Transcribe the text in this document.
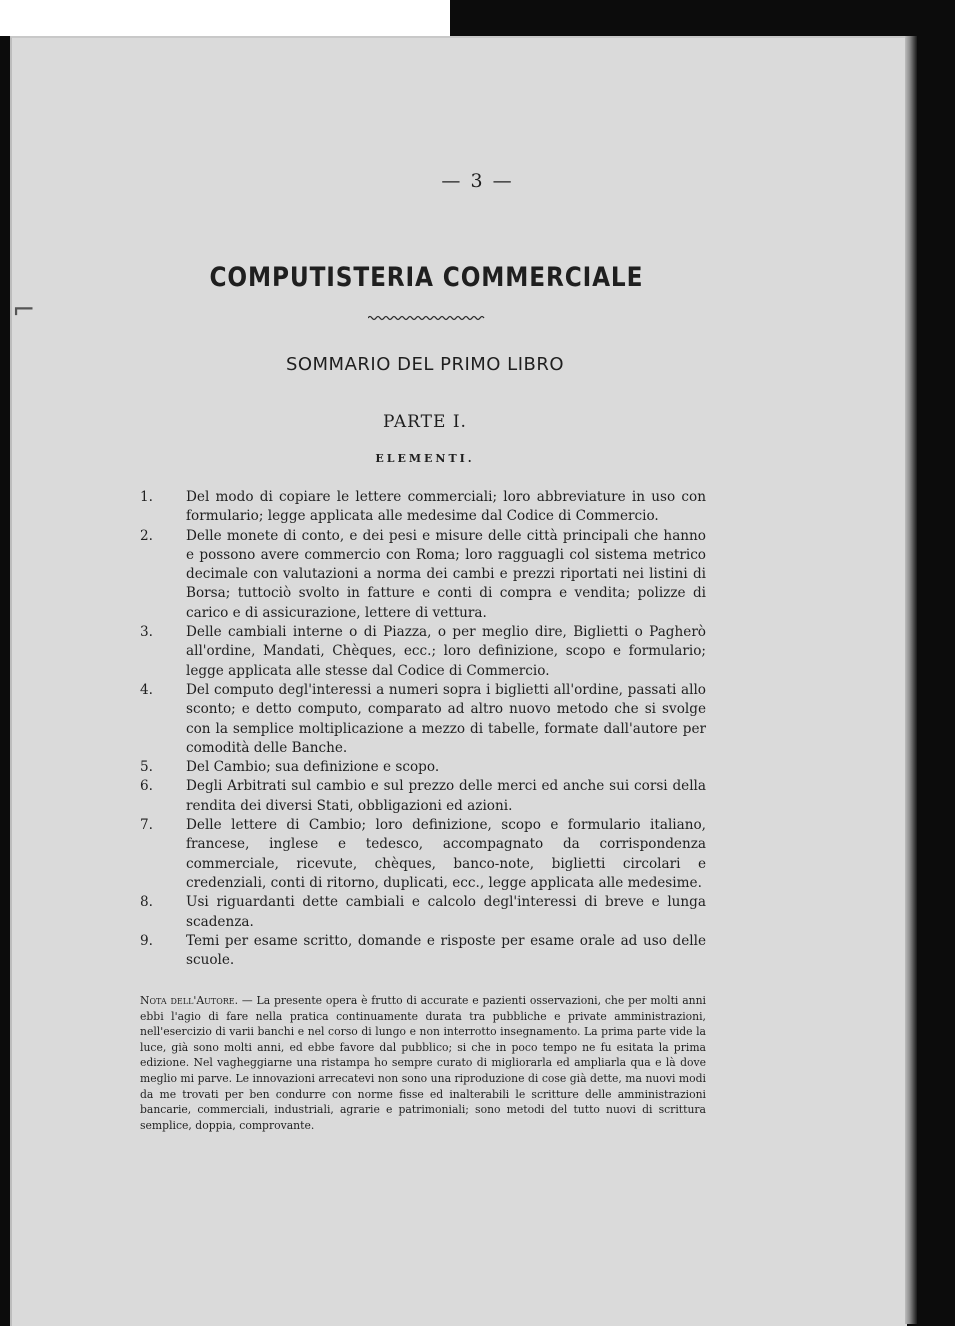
⌐
— 3 —
COMPUTISTERIA COMMERCIALE
SOMMARIO DEL PRIMO LIBRO
PARTE I.
ELEMENTI.
1.	Del modo di copiare le lettere commerciali; loro abbreviature in uso con formulario; legge applicata alle medesime dal Codice di Commercio.
2.	Delle monete di conto, e dei pesi e misure delle città principali che hanno e possono avere commercio con Roma; loro ragguagli col sistema metrico decimale con valutazioni a norma dei cambi e prezzi riportati nei listini di Borsa; tuttociò svolto in fatture e conti di compra e vendita; polizze di carico e di assicurazione, lettere di vettura.
3.	Delle cambiali interne o di Piazza, o per meglio dire, Biglietti o Pagherò all'ordine, Mandati, Chèques, ecc.; loro definizione, scopo e formulario; legge applicata alle stesse dal Codice di Commercio.
4.	Del computo degl'interessi a numeri sopra i biglietti all'ordine, passati allo sconto; e detto computo, comparato ad altro nuovo metodo che si svolge con la semplice moltiplicazione a mezzo di tabelle, formate dall'autore per comodità delle Banche.
5.	Del Cambio; sua definizione e scopo.
6.	Degli Arbitrati sul cambio e sul prezzo delle merci ed anche sui corsi della rendita dei diversi Stati, obbligazioni ed azioni.
7.	Delle lettere di Cambio; loro definizione, scopo e formulario italiano, francese, inglese e tedesco, accompagnato da corrispondenza commerciale, ricevute, chèques, banco-note, biglietti circolari e credenziali, conti di ritorno, duplicati, ecc., legge applicata alle medesime.
8.	Usi riguardanti dette cambiali e calcolo degl'interessi di breve e lunga scadenza.
9.	Temi per esame scritto, domande e risposte per esame orale ad uso delle scuole.
Nota dell'Autore. — La presente opera è frutto di accurate e pazienti osservazioni, che per molti anni ebbi l'agio di fare nella pratica continuamente durata tra pubbliche e private amministrazioni, nell'esercizio di varii banchi e nel corso di lungo e non interrotto insegnamento. La prima parte vide la luce, già sono molti anni, ed ebbe favore dal pubblico; si che in poco tempo ne fu esitata la prima edizione. Nel vagheggiarne una ristampa ho sempre curato di migliorarla ed ampliarla qua e là dove meglio mi parve. Le innovazioni arrecatevi non sono una riproduzione di cose già dette, ma nuovi modi da me trovati per ben condurre con norme fisse ed inalterabili le scritture delle amministrazioni bancarie, commerciali, industriali, agrarie e patrimoniali; sono metodi del tutto nuovi di scrittura semplice, doppia, comprovante.
